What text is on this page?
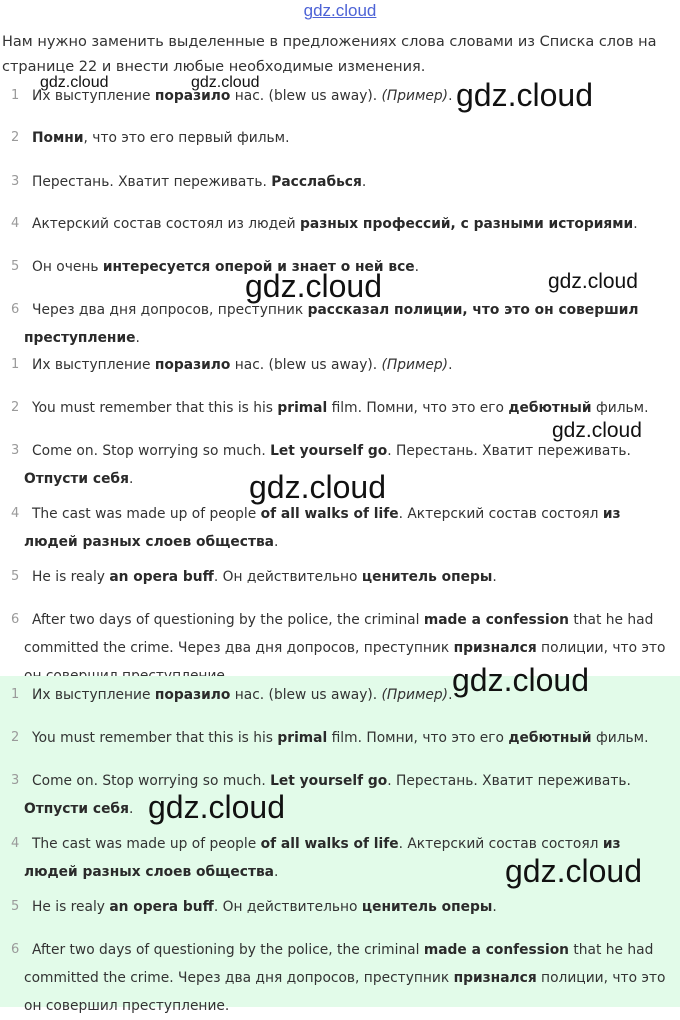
gdz.cloud
Нам нужно заменить выделенные в предложениях слова словами из Списка слов на странице 22 и внести любые необходимые изменения.
1 Их выступление поразило нас. (blew us away). (Пример).
2 Помни, что это его первый фильм.
3 Перестань. Хватит переживать. Расслабься.
4 Актерский состав состоял из людей разных профессий, с разными историями.
5 Он очень интересуется оперой и знает о ней все.
6 Через два дня допросов, преступник рассказал полиции, что это он совершил преступление.
1 Их выступление поразило нас. (blew us away). (Пример).
2 You must remember that this is his primal film. Помни, что это его дебютный фильм.
3 Come on. Stop worrying so much. Let yourself go. Перестань. Хватит переживать. Отпусти себя.
4 The cast was made up of people of all walks of life. Актерский состав состоял из людей разных слоев общества.
5 He is realy an opera buff. Он действительно ценитель оперы.
6 After two days of questioning by the police, the criminal made a confession that he had committed the crime. Через два дня допросов, преступник признался полиции, что это
1 Их выступление поразило нас. (blew us away). (Пример).
2 You must remember that this is his primal film. Помни, что это его дебютный фильм.
3 Come on. Stop worrying so much. Let yourself go. Перестань. Хватит переживать. Отпусти себя.
4 The cast was made up of people of all walks of life. Актерский состав состоял из людей разных слоев общества.
5 He is realy an opera buff. Он действительно ценитель оперы.
6 After two days of questioning by the police, the criminal made a confession that he had committed the crime. Через два дня допросов, преступник признался полиции, что это он совершил преступление.
gdz.cloud	gdz.cloud	gdz.cloud
gdz.cloud
gdz.cloud
gdz.cloud
gdz.cloud
gdz.cloud
gdz.cloud
gdz.cloud
